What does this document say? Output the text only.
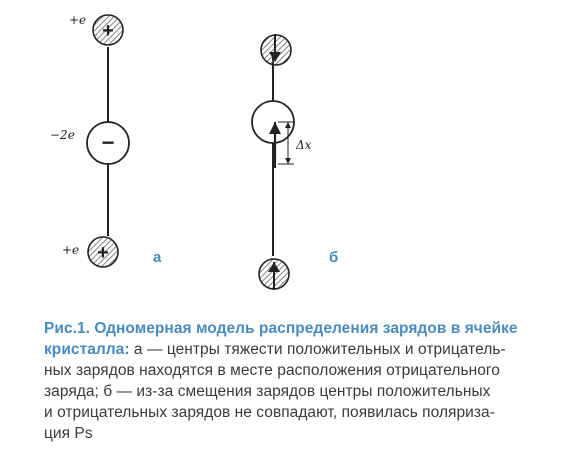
+
+e
−
−2e
+
+e	а
Δx
б
Рис.1. Одномерная модель распределения зарядов в ячейке кристалла: а — центры тяжести положительных и отрицатель-
ных зарядов находятся в месте расположения отрицательного
заряда; б — из-за смещения зарядов центры положительных
и отрицательных зарядов не совпадают, появилась поляриза-
ция Ps
